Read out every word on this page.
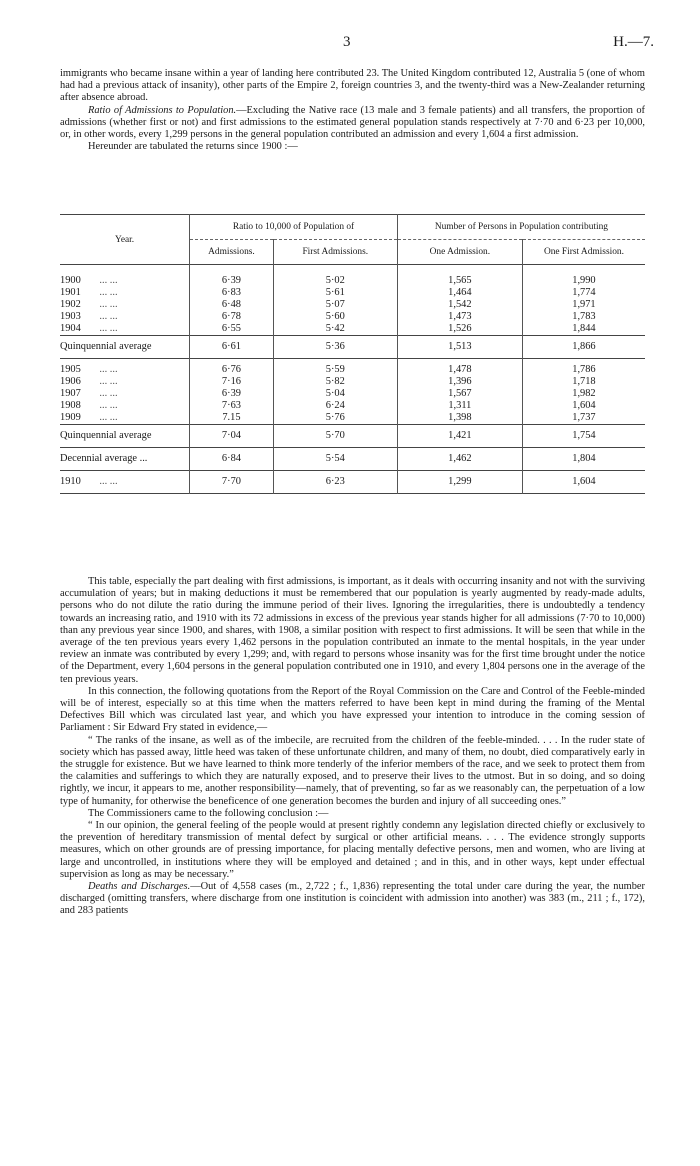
3	H.—7.

immigrants who became insane within a year of landing here contributed 23. The United Kingdom contributed 12, Australia 5 (one of whom had had a previous attack of insanity), other parts of the Empire 2, foreign countries 3, and the twenty-third was a New-Zealander returning after absence abroad.

Ratio of Admissions to Population.—Excluding the Native race (13 male and 3 female patients) and all transfers, the proportion of admissions (whether first or not) and first admissions to the estimated general population stands respectively at 7·70 and 6·23 per 10,000, or, in other words, every 1,299 persons in the general population contributed an admission and every 1,604 a first admission.

Hereunder are tabulated the returns since 1900 :—

Year.	Ratio to 10,000 of Population of		Number of Persons in Population contributing	
	Admissions.	First Admissions.	One Admission.	One First Admission.

1900 ... ...	6·39	5·02	1,565	1,990
1901 ... ...	6·83	5·61	1,464	1,774
1902 ... ...	6·48	5·07	1,542	1,971
1903 ... ...	6·78	5·60	1,473	1,783
1904 ... ...	6·55	5·42	1,526	1,844
Quinquennial average	6·61	5·36	1,513	1,866

1905 ... ...	6·76	5·59	1,478	1,786
1906 ... ...	7·16	5·82	1,396	1,718
1907 ... ...	6·39	5·04	1,567	1,982
1908 ... ...	7·63	6·24	1,311	1,604
1909 ... ...	7.15	5·76	1,398	1,737
Quinquennial average	7·04	5·70	1,421	1,754
Decennial average ...	6·84	5·54	1,462	1,804
1910 ... ...	7·70	6·23	1,299	1,604

This table, especially the part dealing with first admissions, is important, as it deals with occurring insanity and not with the surviving accumulation of years; but in making deductions it must be remembered that our population is yearly augmented by ready-made adults, persons who do not dilute the ratio during the immune period of their lives. Ignoring the irregularities, there is undoubtedly a tendency towards an increasing ratio, and 1910 with its 72 admissions in excess of the previous year stands higher for all admissions (7·70 to 10,000) than any previous year since 1900, and shares, with 1908, a similar position with respect to first admissions. It will be seen that while in the average of the ten previous years every 1,462 persons in the population contributed an inmate to the mental hospitals, in the year under review an inmate was contributed by every 1,299; and, with regard to persons whose insanity was for the first time brought under the notice of the Department, every 1,604 persons in the general population contributed one in 1910, and every 1,804 persons one in the average of the ten previous years.

In this connection, the following quotations from the Report of the Royal Commission on the Care and Control of the Feeble-minded will be of interest, especially so at this time when the matters referred to have been kept in mind during the framing of the Mental Defectives Bill which was circulated last year, and which you have expressed your intention to introduce in the coming session of Parliament : Sir Edward Fry stated in evidence,—

“ The ranks of the insane, as well as of the imbecile, are recruited from the children of the feeble-minded. . . . In the ruder state of society which has passed away, little heed was taken of these unfortunate children, and many of them, no doubt, died comparatively early in the struggle for existence. But we have learned to think more tenderly of the inferior members of the race, and we seek to protect them from the calamities and sufferings to which they are naturally exposed, and to preserve their lives to the utmost. But in so doing, and so doing rightly, we incur, it appears to me, another responsibility—namely, that of preventing, so far as we reasonably can, the perpetuation of a low type of humanity, for otherwise the beneficence of one generation becomes the burden and injury of all succeeding ones.”

The Commissioners came to the following conclusion :—

“ In our opinion, the general feeling of the people would at present rightly condemn any legislation directed chiefly or exclusively to the prevention of hereditary transmission of mental defect by surgical or other artificial means. . . . The evidence strongly supports measures, which on other grounds are of pressing importance, for placing mentally defective persons, men and women, who are living at large and uncontrolled, in institutions where they will be employed and detained ; and in this, and in other ways, kept under effectual supervision as long as may be necessary.”

Deaths and Discharges.—Out of 4,558 cases (m., 2,722 ; f., 1,836) representing the total under care during the year, the number discharged (omitting transfers, where discharge from one institution is coincident with admission into another) was 383 (m., 211 ; f., 172), and 283 patients
